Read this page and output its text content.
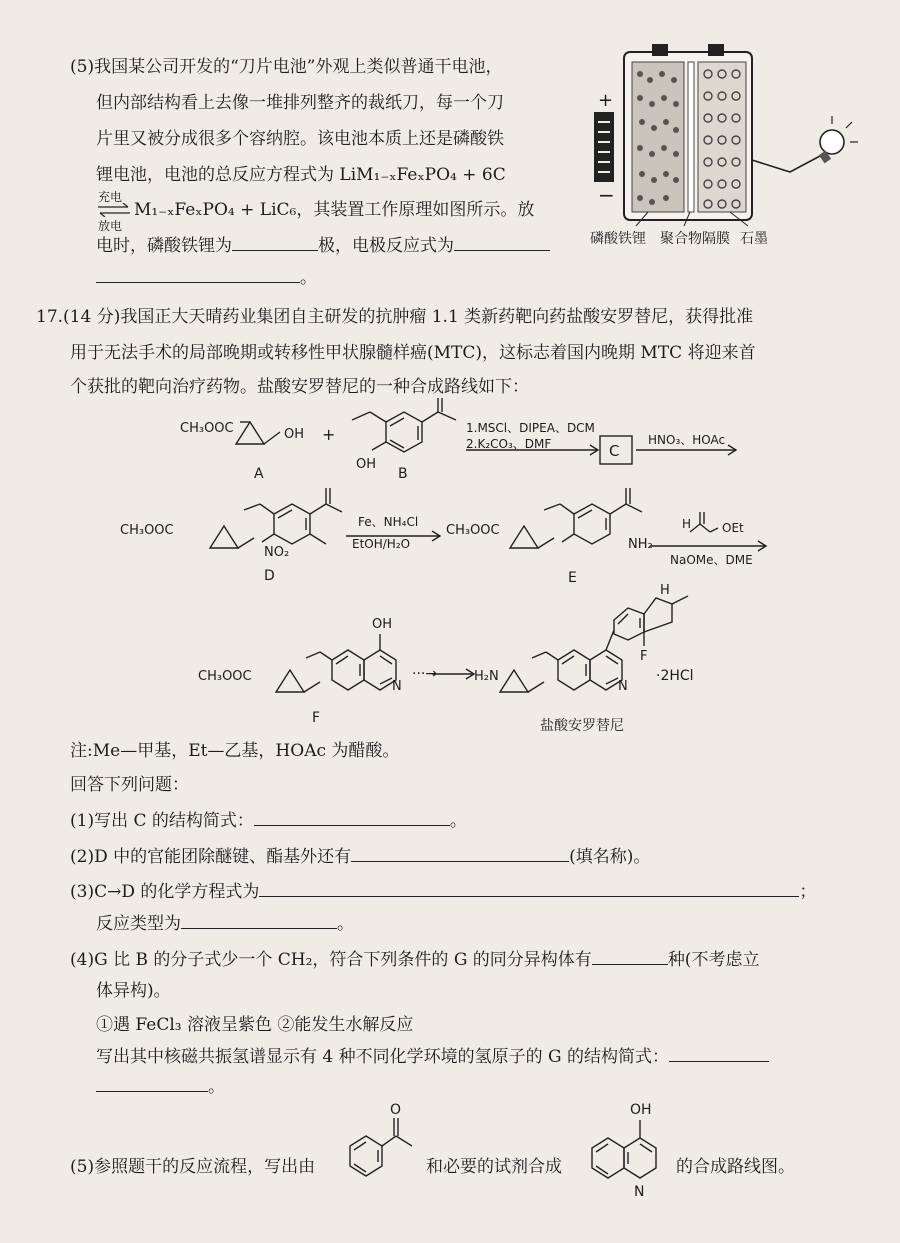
(5)我国某公司开发的“刀片电池”外观上类似普通干电池，
但内部结构看上去像一堆排列整齐的裁纸刀，每一个刀
片里又被分成很多个容纳腔。该电池本质上还是磷酸铁
锂电池，电池的总反应方程式为 LiM₁₋ₓFeₓPO₄ + 6C
充电
放电
M₁₋ₓFeₓPO₄ + LiC₆，其装置工作原理如图所示。放
电时，磷酸铁锂为	极，电极反应式为
。
+
−
磷酸铁锂 聚合物隔膜 石墨
17.(14 分)我国正大天晴药业集团自主研发的抗肿瘤 1.1 类新药靶向药盐酸安罗替尼，获得批准
用于无法手术的局部晚期或转移性甲状腺髓样癌(MTC)，这标志着国内晚期 MTC 将迎来首
个获批的靶向治疗药物。盐酸安罗替尼的一种合成路线如下：
CH₃OOC	OH
A
+
OH
B
1.MSCl、DIPEA、DCM
2.K₂CO₃、DMF	C
HNO₃、HOAc
CH₃OOC
NO₂
D
Fe、NH₄Cl
EtOH/H₂O
CH₃OOC
NH₂
E
H	OEt
NaOMe、DME
CH₃OOC
OH
N
F
···→	H₂N
N
F
H
·2HCl
盐酸安罗替尼
注:Me—甲基，Et—乙基，HOAc 为醋酸。
回答下列问题：
(1)写出 C 的结构简式：	。
(2)D 中的官能团除醚键、酯基外还有	(填名称)。
(3)C→D 的化学方程式为	；
反应类型为	。
(4)G 比 B 的分子式少一个 CH₂，符合下列条件的 G 的同分异构体有	种(不考虑立
体异构)。
①遇 FeCl₃ 溶液呈紫色 ②能发生水解反应
写出其中核磁共振氢谱显示有 4 种不同化学环境的氢原子的 G 的结构简式：
。
(5)参照题干的反应流程，写出由
O
和必要的试剂合成
OH
N
的合成路线图。
